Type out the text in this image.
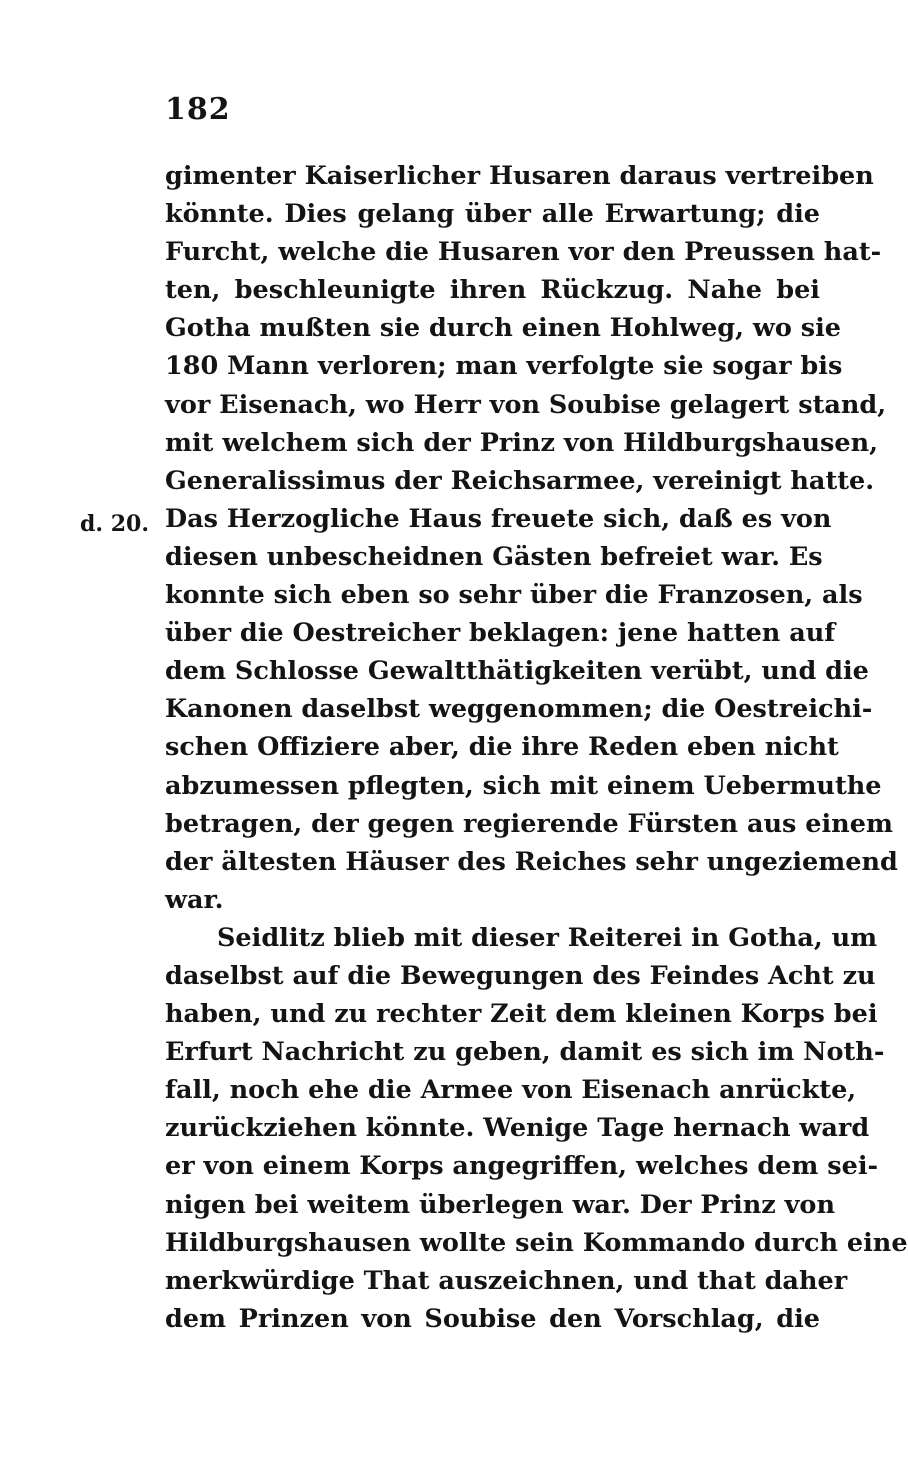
182
d. 20.
gimenter Kaiserlicher Husaren daraus vertreiben
könnte. Dies gelang über alle Erwartung; die
Furcht, welche die Husaren vor den Preussen hat-
ten, beschleunigte ihren Rückzug. Nahe bei
Gotha mußten sie durch einen Hohlweg, wo sie
180 Mann verloren; man verfolgte sie sogar bis
vor Eisenach, wo Herr von Soubise gelagert stand,
mit welchem sich der Prinz von Hildburgshausen,
Generalissimus der Reichsarmee, vereinigt hatte.
Das Herzogliche Haus freuete sich, daß es von
diesen unbescheidnen Gästen befreiet war. Es
konnte sich eben so sehr über die Franzosen, als
über die Oestreicher beklagen: jene hatten auf
dem Schlosse Gewaltthätigkeiten verübt, und die
Kanonen daselbst weggenommen; die Oestreichi-
schen Offiziere aber, die ihre Reden eben nicht
abzumessen pflegten, sich mit einem Uebermuthe
betragen, der gegen regierende Fürsten aus einem
der ältesten Häuser des Reiches sehr ungeziemend
war.
Seidlitz blieb mit dieser Reiterei in Gotha, um
daselbst auf die Bewegungen des Feindes Acht zu
haben, und zu rechter Zeit dem kleinen Korps bei
Erfurt Nachricht zu geben, damit es sich im Noth-
fall, noch ehe die Armee von Eisenach anrückte,
zurückziehen könnte. Wenige Tage hernach ward
er von einem Korps angegriffen, welches dem sei-
nigen bei weitem überlegen war. Der Prinz von
Hildburgshausen wollte sein Kommando durch eine
merkwürdige That auszeichnen, und that daher
dem Prinzen von Soubise den Vorschlag, die
